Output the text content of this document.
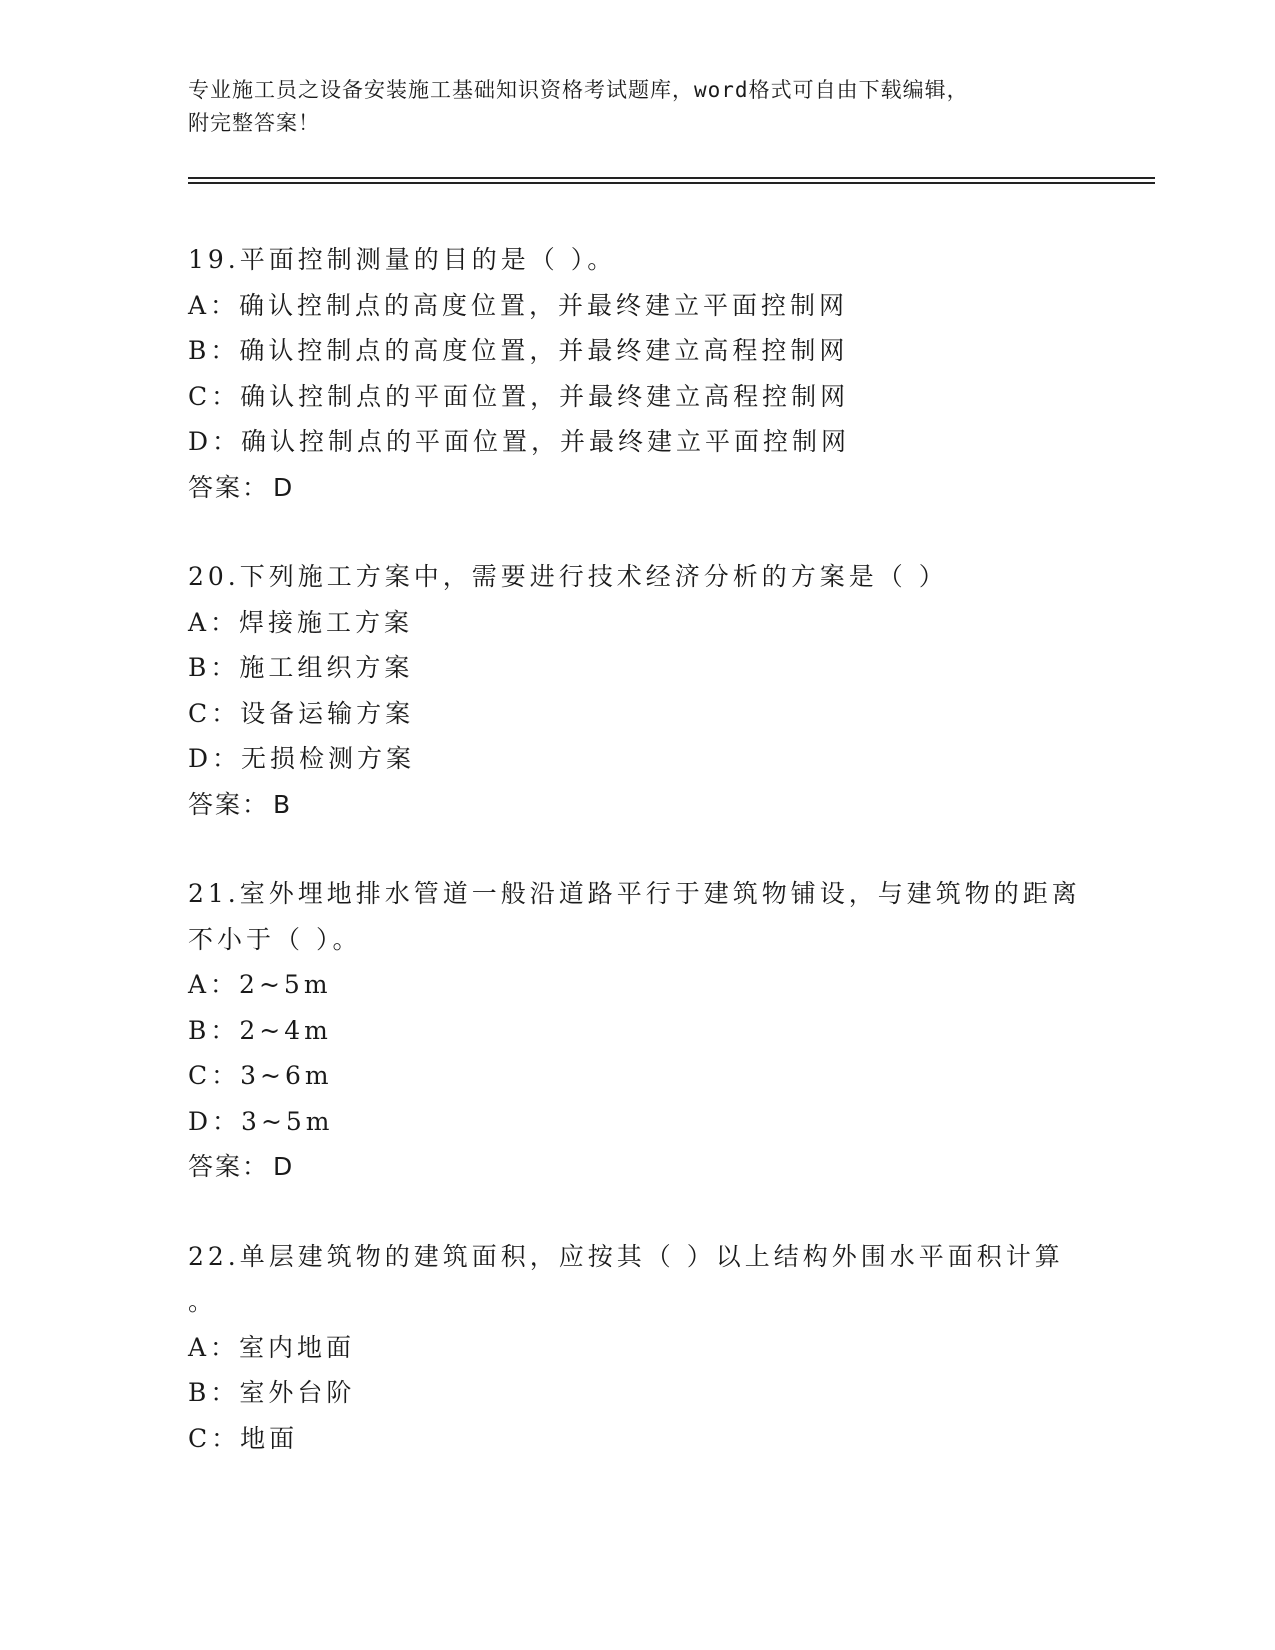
专业施工员之设备安装施工基础知识资格考试题库，word格式可自由下载编辑，
附完整答案！
19.平面控制测量的目的是（ ）。
A：确认控制点的高度位置，并最终建立平面控制网
B：确认控制点的高度位置，并最终建立高程控制网
C：确认控制点的平面位置，并最终建立高程控制网
D：确认控制点的平面位置，并最终建立平面控制网
答案： D
20.下列施工方案中，需要进行技术经济分析的方案是（ ）
A：焊接施工方案
B：施工组织方案
C：设备运输方案
D：无损检测方案
答案： B
21.室外埋地排水管道一般沿道路平行于建筑物铺设，与建筑物的距离
不小于（ ）。
A：2~5m
B：2~4m
C：3~6m
D：3~5m
答案： D
22.单层建筑物的建筑面积，应按其（ ）以上结构外围水平面积计算
。
A：室内地面
B：室外台阶
C：地面
